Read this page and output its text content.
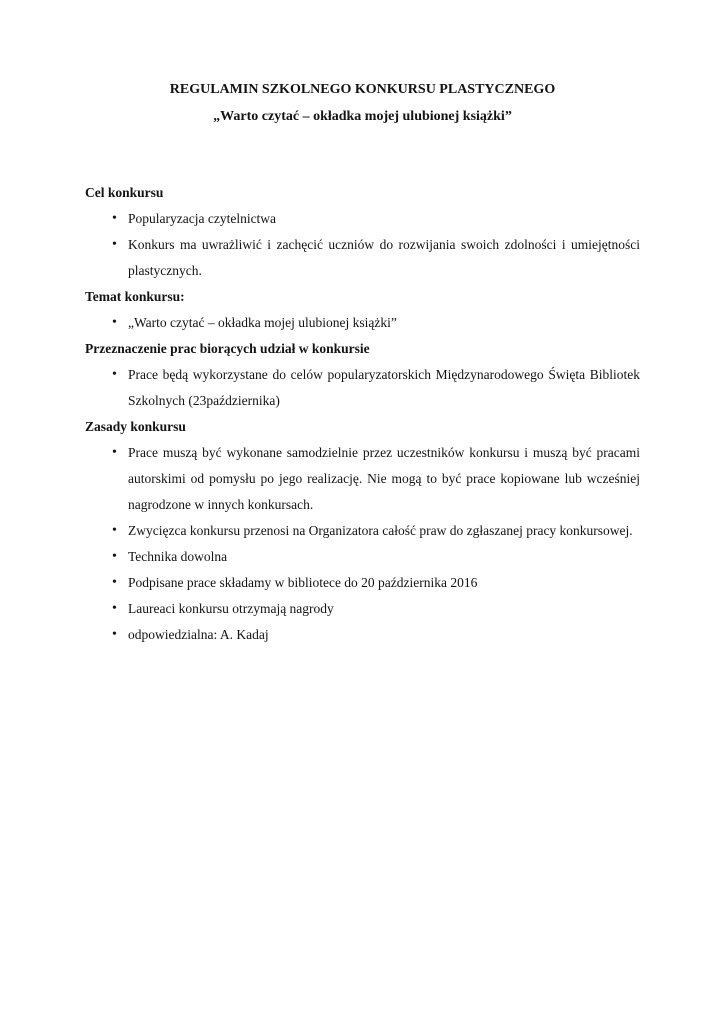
REGULAMIN SZKOLNEGO KONKURSU PLASTYCZNEGO
„Warto czytać – okładka mojej ulubionej książki”

Cel konkursu

• Popularyzacja czytelnictwa
• Konkurs ma uwrażliwić i zachęcić uczniów do rozwijania swoich zdolności i umiejętności plastycznych.

Temat konkursu:

• „Warto czytać – okładka mojej ulubionej książki”

Przeznaczenie prac biorących udział w konkursie

• Prace będą wykorzystane do celów popularyzatorskich Międzynarodowego Święta Bibliotek Szkolnych (23października)

Zasady konkursu

• Prace muszą być wykonane samodzielnie przez uczestników konkursu i muszą być pracami autorskimi od pomysłu po jego realizację. Nie mogą to być prace kopiowane lub wcześniej nagrodzone w innych konkursach.
• Zwycięzca konkursu przenosi na Organizatora całość praw do zgłaszanej pracy konkursowej.
• Technika dowolna
• Podpisane prace składamy w bibliotece do 20 października 2016
• Laureaci konkursu otrzymają nagrody
• odpowiedzialna: A. Kadaj
